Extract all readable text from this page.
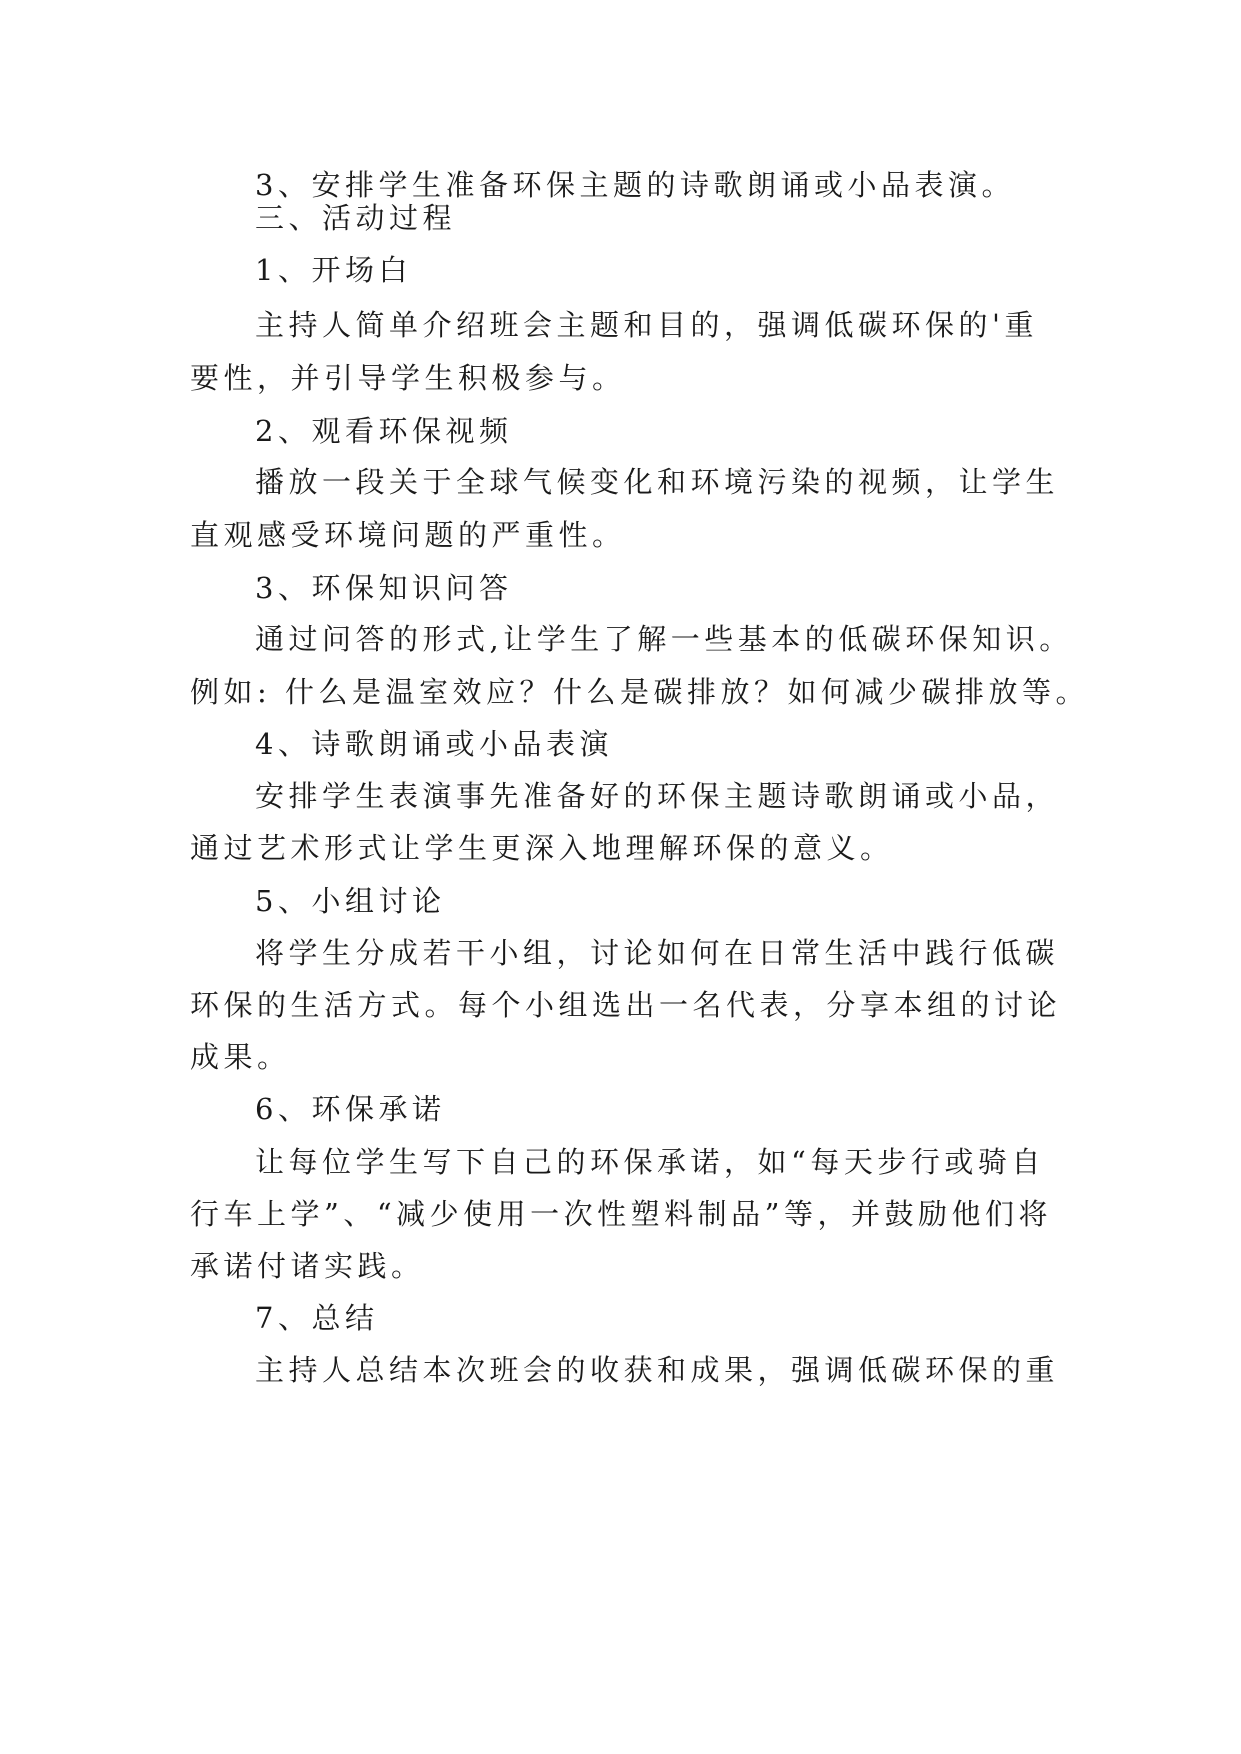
3、安排学生准备环保主题的诗歌朗诵或小品表演。
三、活动过程
1、开场白
主持人简单介绍班会主题和目的，强调低碳环保的'重
要性，并引导学生积极参与。
2、观看环保视频
播放一段关于全球气候变化和环境污染的视频，让学生
直观感受环境问题的严重性。
3、环保知识问答
通过问答的形式,让学生了解一些基本的低碳环保知识。
例如: 什么是温室效应？什么是碳排放？如何减少碳排放等。
4、诗歌朗诵或小品表演
安排学生表演事先准备好的环保主题诗歌朗诵或小品，
通过艺术形式让学生更深入地理解环保的意义。
5、小组讨论
将学生分成若干小组，讨论如何在日常生活中践行低碳
环保的生活方式。每个小组选出一名代表，分享本组的讨论
成果。
6、环保承诺
让每位学生写下自己的环保承诺，如“每天步行或骑自
行车上学”、“减少使用一次性塑料制品”等，并鼓励他们将
承诺付诸实践。
7、总结
主持人总结本次班会的收获和成果，强调低碳环保的重
